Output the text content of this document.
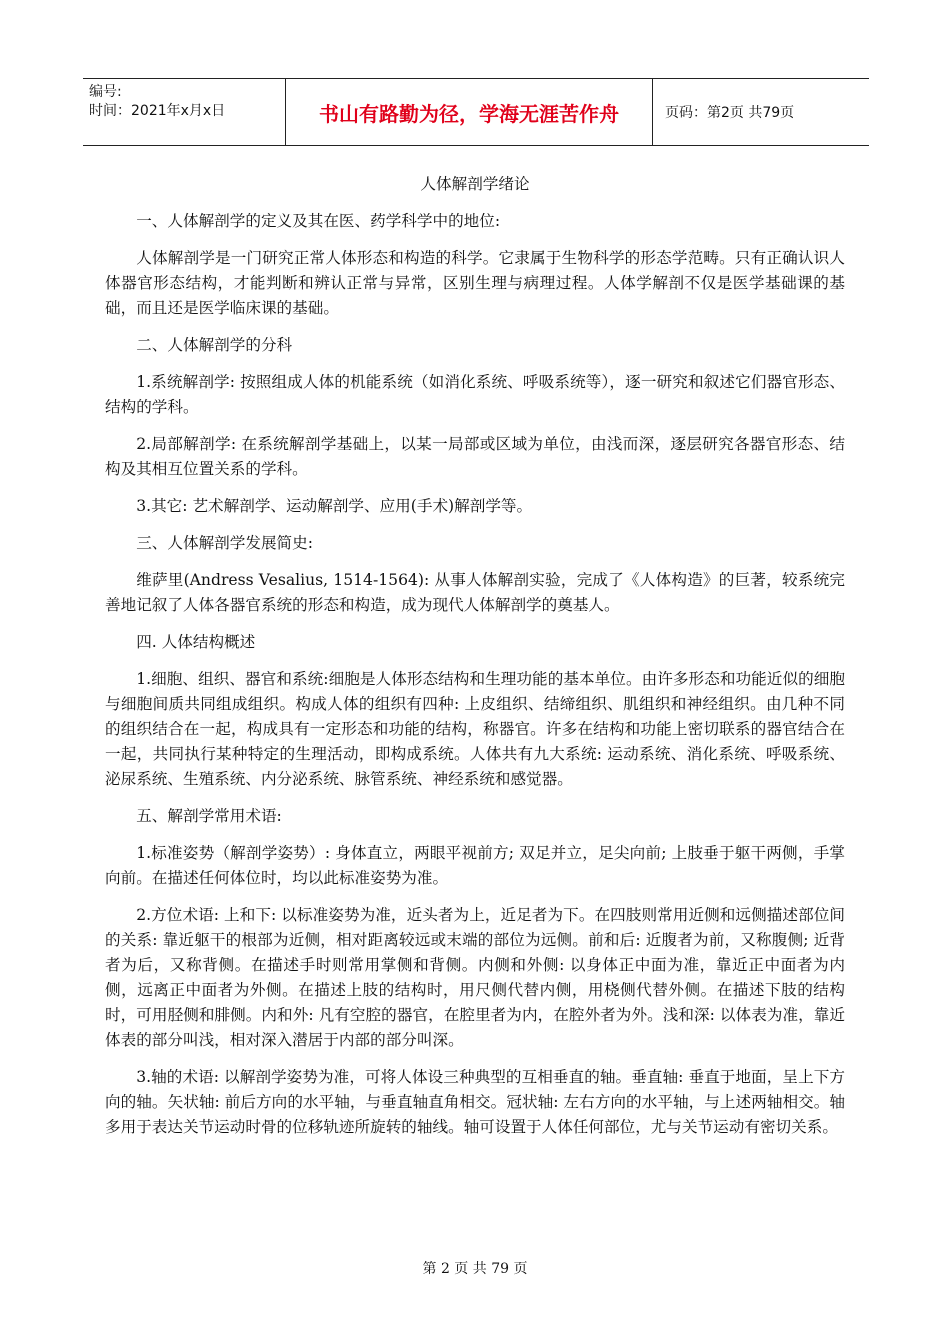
编号:
时间：2021年x月x日	书山有路勤为径，学海无涯苦作舟	页码：第2页 共79页
人体解剖学绪论

一、人体解剖学的定义及其在医、药学科学中的地位:

人体解剖学是一门研究正常人体形态和构造的科学。它隶属于生物科学的形态学范畴。只有正确认识人体器官形态结构，才能判断和辨认正常与异常，区别生理与病理过程。人体学解剖不仅是医学基础课的基础，而且还是医学临床课的基础。

二、人体解剖学的分科

1.系统解剖学: 按照组成人体的机能系统（如消化系统、呼吸系统等），逐一研究和叙述它们器官形态、结构的学科。

2.局部解剖学: 在系统解剖学基础上，以某一局部或区域为单位，由浅而深，逐层研究各器官形态、结构及其相互位置关系的学科。

3.其它: 艺术解剖学、运动解剖学、应用(手术)解剖学等。

三、人体解剖学发展简史:

维萨里(Andress Vesalius, 1514-1564): 从事人体解剖实验，完成了《人体构造》的巨著，较系统完善地记叙了人体各器官系统的形态和构造，成为现代人体解剖学的奠基人。

四. 人体结构概述

1.细胞、组织、器官和系统:细胞是人体形态结构和生理功能的基本单位。由许多形态和功能近似的细胞与细胞间质共同组成组织。构成人体的组织有四种: 上皮组织、结缔组织、肌组织和神经组织。由几种不同的组织结合在一起，构成具有一定形态和功能的结构，称器官。许多在结构和功能上密切联系的器官结合在一起，共同执行某种特定的生理活动，即构成系统。人体共有九大系统: 运动系统、消化系统、呼吸系统、泌尿系统、生殖系统、内分泌系统、脉管系统、神经系统和感觉器。

五、解剖学常用术语:

1.标准姿势（解剖学姿势）: 身体直立，两眼平视前方; 双足并立，足尖向前; 上肢垂于躯干两侧，手掌向前。在描述任何体位时，均以此标准姿势为准。

2.方位术语: 上和下: 以标准姿势为准，近头者为上，近足者为下。在四肢则常用近侧和远侧描述部位间的关系: 靠近躯干的根部为近侧，相对距离较远或末端的部位为远侧。前和后: 近腹者为前，又称腹侧; 近背者为后，又称背侧。在描述手时则常用掌侧和背侧。内侧和外侧: 以身体正中面为准，靠近正中面者为内侧，远离正中面者为外侧。在描述上肢的结构时，用尺侧代替内侧，用桡侧代替外侧。在描述下肢的结构时，可用胫侧和腓侧。内和外: 凡有空腔的器官，在腔里者为内，在腔外者为外。浅和深: 以体表为准，靠近体表的部分叫浅，相对深入潜居于内部的部分叫深。

3.轴的术语: 以解剖学姿势为准，可将人体设三种典型的互相垂直的轴。垂直轴: 垂直于地面，呈上下方向的轴。矢状轴: 前后方向的水平轴，与垂直轴直角相交。冠状轴: 左右方向的水平轴，与上述两轴相交。轴多用于表达关节运动时骨的位移轨迹所旋转的轴线。轴可设置于人体任何部位，尤与关节运动有密切关系。

第 2 页 共 79 页
